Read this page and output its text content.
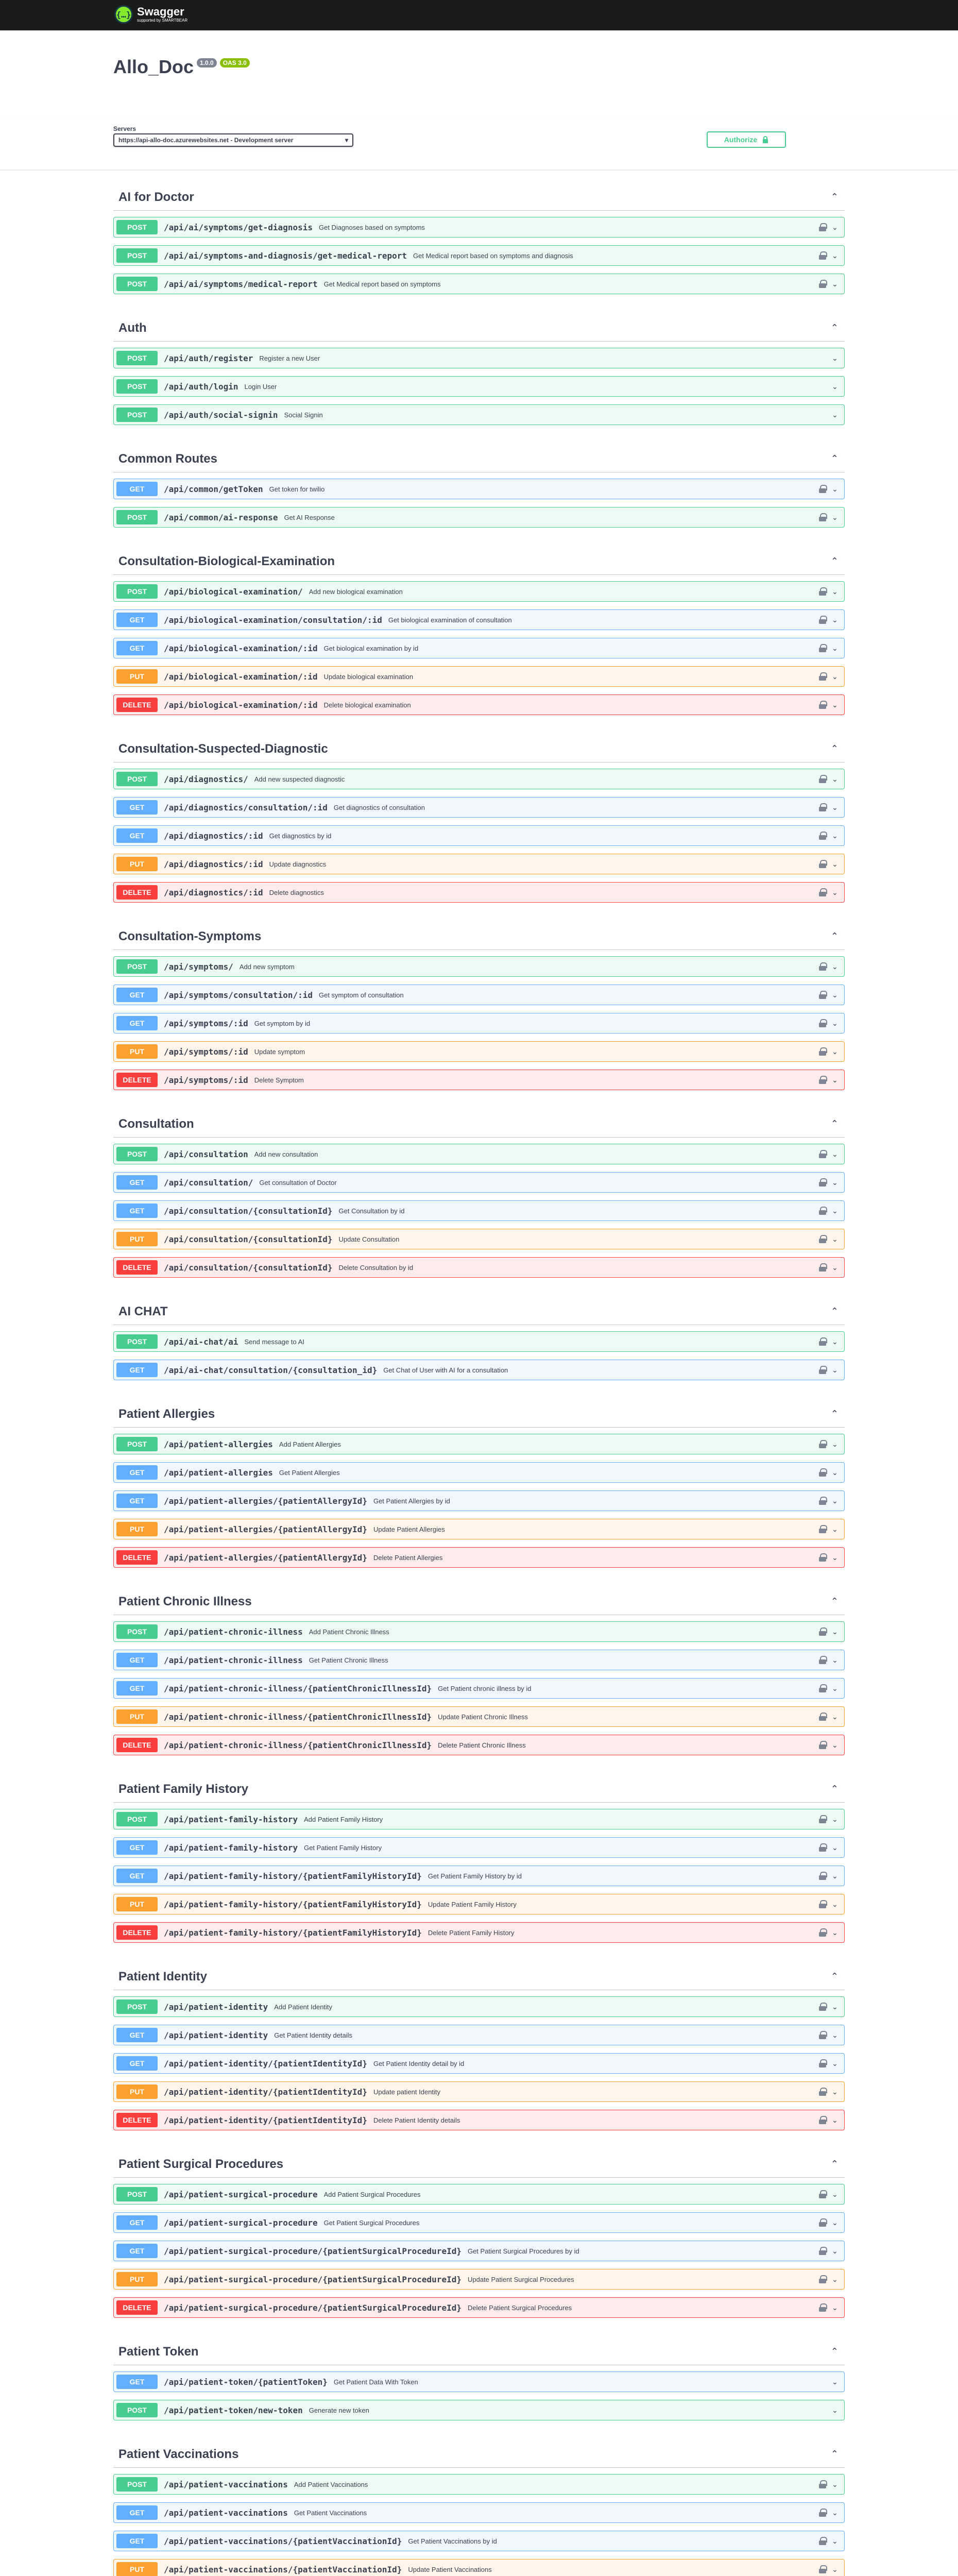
{…} Swagger
supported by SMARTBEAR
Allo_Doc	1.0.0	OAS 3.0
Servers
https://api-allo-doc.azurewebsites.net - Development server	▾	Authorize
AI for Doctor	⌃
POST	/api/ai/symptoms/get-diagnosis Get Diagnoses based on symptoms	⌄
POST	/api/ai/symptoms-and-diagnosis/get-medical-report Get Medical report based on symptoms and diagnosis	⌄
POST	/api/ai/symptoms/medical-report Get Medical report based on symptoms	⌄
Auth	⌃
POST	/api/auth/register Register a new User	⌄
POST	/api/auth/login Login User	⌄
POST	/api/auth/social-signin Social Signin	⌄
Common Routes	⌃
GET	/api/common/getToken Get token for twilio	⌄
POST	/api/common/ai-response Get AI Response	⌄
Consultation-Biological-Examination	⌃
POST	/api/biological-examination/ Add new biological examination	⌄
GET	/api/biological-examination/consultation/:id Get biological examination of consultation	⌄
GET	/api/biological-examination/:id Get biological examination by id	⌄
PUT	/api/biological-examination/:id Update biological examination	⌄
DELETE	/api/biological-examination/:id Delete biological examination	⌄
Consultation-Suspected-Diagnostic	⌃
POST	/api/diagnostics/ Add new suspected diagnostic	⌄
GET	/api/diagnostics/consultation/:id Get diagnostics of consultation	⌄
GET	/api/diagnostics/:id Get diagnostics by id	⌄
PUT	/api/diagnostics/:id Update diagnostics	⌄
DELETE	/api/diagnostics/:id Delete diagnostics	⌄
Consultation-Symptoms	⌃
POST	/api/symptoms/ Add new symptom	⌄
GET	/api/symptoms/consultation/:id Get symptom of consultation	⌄
GET	/api/symptoms/:id Get symptom by id	⌄
PUT	/api/symptoms/:id Update symptom	⌄
DELETE	/api/symptoms/:id Delete Symptom	⌄
Consultation	⌃
POST	/api/consultation Add new consultation	⌄
GET	/api/consultation/ Get consultation of Doctor	⌄
GET	/api/consultation/{consultationId} Get Consultation by id	⌄
PUT	/api/consultation/{consultationId} Update Consultation	⌄
DELETE	/api/consultation/{consultationId} Delete Consultation by id	⌄
AI CHAT	⌃
POST	/api/ai-chat/ai Send message to AI	⌄
GET	/api/ai-chat/consultation/{consultation_id} Get Chat of User with AI for a consultation	⌄
Patient Allergies	⌃
POST	/api/patient-allergies Add Patient Allergies	⌄
GET	/api/patient-allergies Get Patient Allergies	⌄
GET	/api/patient-allergies/{patientAllergyId} Get Patient Allergies by id	⌄
PUT	/api/patient-allergies/{patientAllergyId} Update Patient Allergies	⌄
DELETE	/api/patient-allergies/{patientAllergyId} Delete Patient Allergies	⌄
Patient Chronic Illness	⌃
POST	/api/patient-chronic-illness Add Patient Chronic Illness	⌄
GET	/api/patient-chronic-illness Get Patient Chronic Illness	⌄
GET	/api/patient-chronic-illness/{patientChronicIllnessId} Get Patient chronic illness by id	⌄
PUT	/api/patient-chronic-illness/{patientChronicIllnessId} Update Patient Chronic Illness	⌄
DELETE	/api/patient-chronic-illness/{patientChronicIllnessId} Delete Patient Chronic Illness	⌄
Patient Family History	⌃
POST	/api/patient-family-history Add Patient Family History	⌄
GET	/api/patient-family-history Get Patient Family History	⌄
GET	/api/patient-family-history/{patientFamilyHistoryId} Get Patient Family History by id	⌄
PUT	/api/patient-family-history/{patientFamilyHistoryId} Update Patient Family History	⌄
DELETE	/api/patient-family-history/{patientFamilyHistoryId} Delete Patient Family History	⌄
Patient Identity	⌃
POST	/api/patient-identity Add Patient Identity	⌄
GET	/api/patient-identity Get Patient Identity details	⌄
GET	/api/patient-identity/{patientIdentityId} Get Patient Identity detail by id	⌄
PUT	/api/patient-identity/{patientIdentityId} Update patient Identity	⌄
DELETE	/api/patient-identity/{patientIdentityId} Delete Patient Identity details	⌄
Patient Surgical Procedures	⌃
POST	/api/patient-surgical-procedure Add Patient Surgical Procedures	⌄
GET	/api/patient-surgical-procedure Get Patient Surgical Procedures	⌄
GET	/api/patient-surgical-procedure/{patientSurgicalProcedureId} Get Patient Surgical Procedures by id	⌄
PUT	/api/patient-surgical-procedure/{patientSurgicalProcedureId} Update Patient Surgical Procedures	⌄
DELETE	/api/patient-surgical-procedure/{patientSurgicalProcedureId} Delete Patient Surgical Procedures	⌄
Patient Token	⌃
GET	/api/patient-token/{patientToken} Get Patient Data With Token	⌄
POST	/api/patient-token/new-token Generate new token	⌄
Patient Vaccinations	⌃
POST	/api/patient-vaccinations Add Patient Vaccinations	⌄
GET	/api/patient-vaccinations Get Patient Vaccinations	⌄
GET	/api/patient-vaccinations/{patientVaccinationId} Get Patient Vaccinations by id	⌄
PUT	/api/patient-vaccinations/{patientVaccinationId} Update Patient Vaccinations	⌄
